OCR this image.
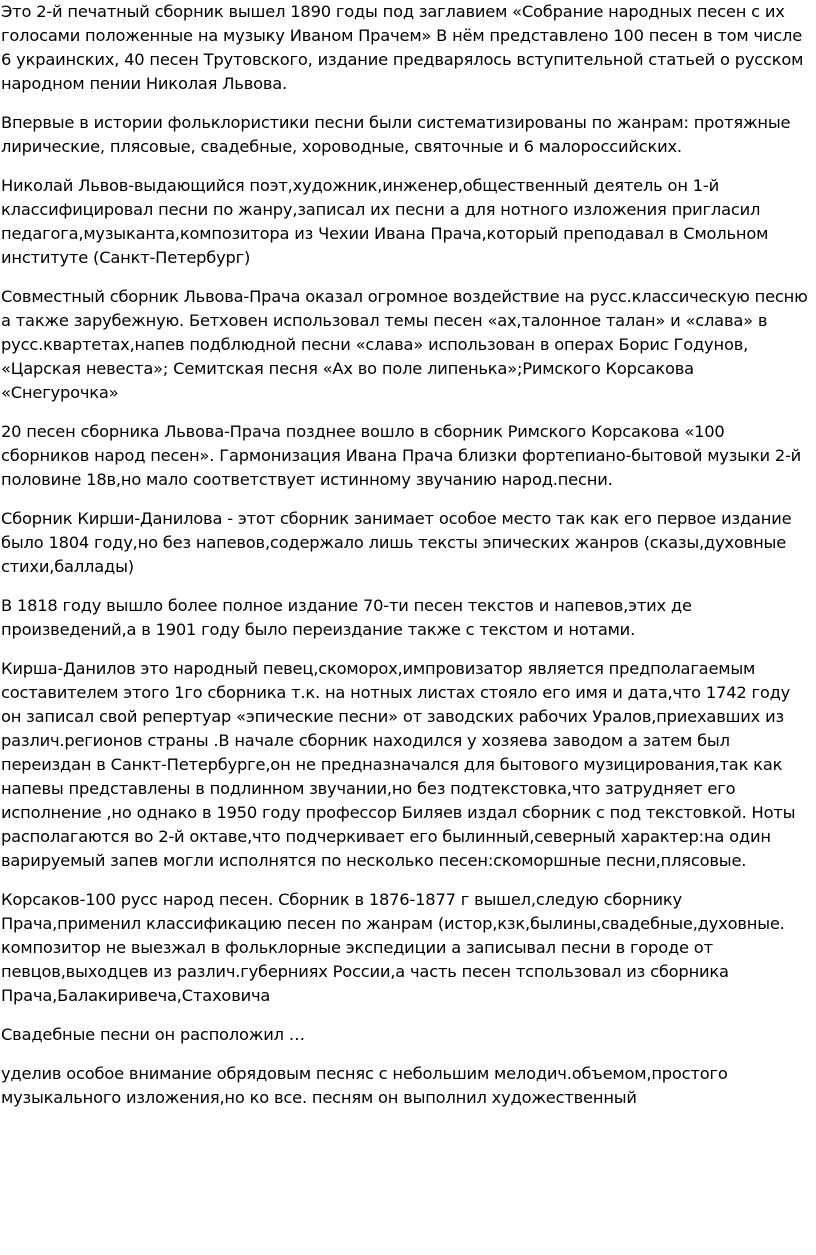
Это 2-й печатный сборник вышел 1890 годы под заглавием «Собрание народных песен с их голосами положенные на музыку Иваном Прачем» В нём представлено 100 песен в том числе 6 украинских, 40 песен Трутовского, издание предварялось вступительной статьей о русском народном пении Николая Львова.

Впервые в истории фольклористики песни были систематизированы по жанрам: протяжные лирические, плясовые, свадебные, хороводные, святочные и 6 малороссийских.

Николай Львов-выдающийся поэт,художник,инженер,общественный деятель он 1-й классифицировал песни по жанру,записал их песни а для нотного изложения пригласил педагога,музыканта,композитора из Чехии Ивана Прача,который преподавал в Смольном институте (Санкт-Петербург)

Совместный сборник Львова-Прача оказал огромное воздействие на русс.классическую песню а также зарубежную. Бетховен использовал темы песен «ах,талонное талан» и «слава» в русс.квартетах,напев подблюдной песни «слава» использован в операх Борис Годунов, «Царская невеста»; Семитская песня «Ах во поле липенька»;Римского Корсакова «Снегурочка»

20 песен сборника Львова-Прача позднее вошло в сборник Римского Корсакова «100 сборников народ песен». Гармонизация Ивана Прача близки фортепиано-бытовой музыки 2-й половине 18в,но мало соответствует истинному звучанию народ.песни.

Сборник Кирши-Данилова - этот сборник занимает особое место так как его первое издание было 1804 году,но без напевов,содержало лишь тексты эпических жанров (сказы,духовные стихи,баллады)

В 1818 году вышло более полное издание 70-ти песен текстов и напевов,этих де произведений,а в 1901 году было переиздание также с текстом и нотами.

Кирша-Данилов это народный певец,скоморох,импровизатор является предполагаемым составителем этого 1го сборника т.к. на нотных листах стояло его имя и дата,что 1742 году он записал свой репертуар «эпические песни» от заводских рабочих Уралов,приехавших из различ.регионов страны .В начале сборник находился у хозяева заводом а затем был переиздан в Санкт-Петербурге,он не предназначался для бытового музицирования,так как напевы представлены в подлинном звучании,но без подтекстовка,что затрудняет его исполнение ,но однако в 1950 году профессор Биляев издал сборник с под текстовкой. Ноты располагаются во 2-й октаве,что подчеркивает его былинный,северный характер:на один варируемый запев могли исполнятся по несколько песен:скоморшные песни,плясовые.

Корсаков-100 русс народ песен. Сборник в 1876-1877 г вышел,следую сборнику Прача,применил классификацию песен по жанрам (истор,кзк,былины,свадебные,духовные. композитор не выезжал в фольклорные экспедиции а записывал песни в городе от певцов,выходцев из различ.губерниях России,а часть песен тспользовал из сборника Прача,Балакиривеча,Стаховича

Свадебные песни он расположил …

уделив особое внимание обрядовым песняс с небольшим мелодич.объемом,простого музыкального изложения,но ко все. песням он выполнил художественный
